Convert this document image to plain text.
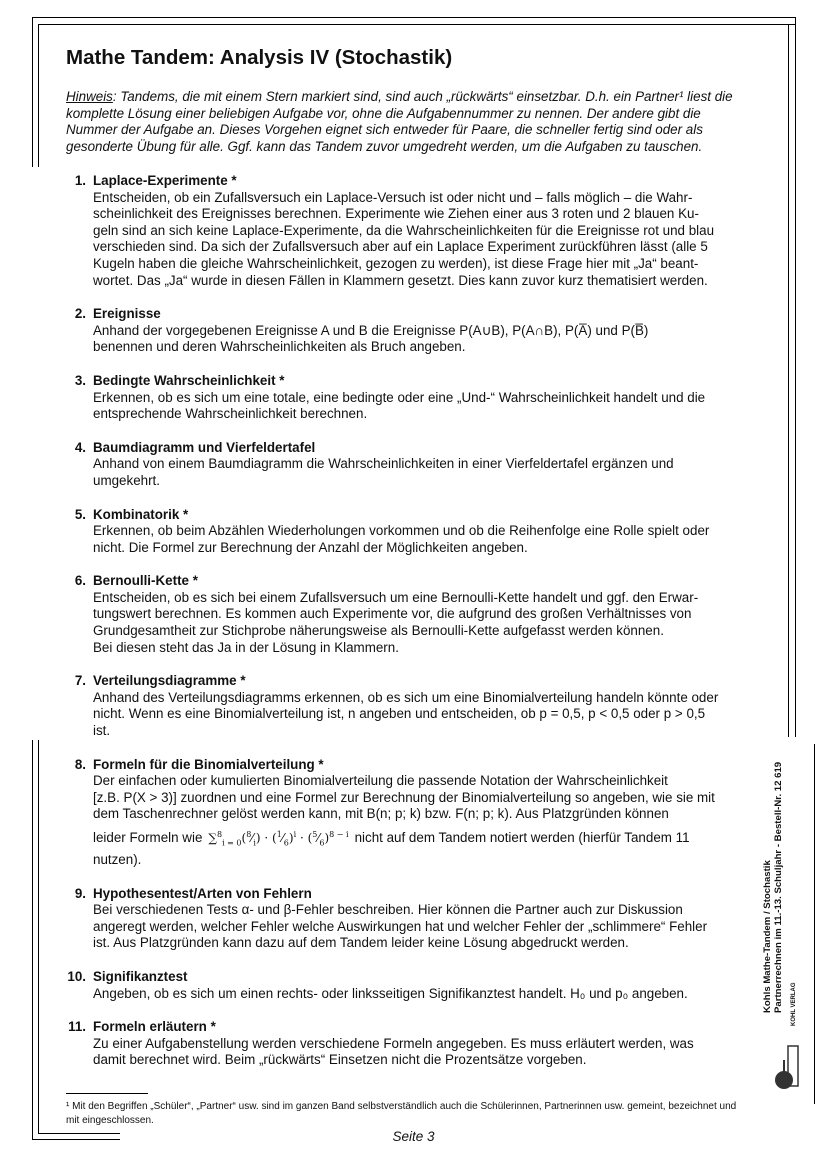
Mathe Tandem: Analysis IV (Stochastik)

Hinweis: Tandems, die mit einem Stern markiert sind, sind auch „rückwärts“ einsetzbar. D.h. ein Partner¹ liest die komplette Lösung einer beliebigen Aufgabe vor, ohne die Aufgabennummer zu nennen. Der andere gibt die Nummer der Aufgabe an. Dieses Vorgehen eignet sich entweder für Paare, die schneller fertig sind oder als gesonderte Übung für alle. Ggf. kann das Tandem zuvor umgedreht werden, um die Aufgaben zu tauschen.

1. Laplace-Experimente *
Entscheiden, ob ein Zufallsversuch ein Laplace-Versuch ist oder nicht und – falls möglich – die Wahr-
scheinlichkeit des Ereignisses berechnen. Experimente wie Ziehen einer aus 3 roten und 2 blauen Ku-
geln sind an sich keine Laplace-Experimente, da die Wahrscheinlichkeiten für die Ereignisse rot und blau
verschieden sind. Da sich der Zufallsversuch aber auf ein Laplace Experiment zurückführen lässt (alle 5
Kugeln haben die gleiche Wahrscheinlichkeit, gezogen zu werden), ist diese Frage hier mit „Ja“ beant-
wortet. Das „Ja“ wurde in diesen Fällen in Klammern gesetzt. Dies kann zuvor kurz thematisiert werden.
2. Ereignisse
Anhand der vorgegebenen Ereignisse A und B die Ereignisse P(A∪B), P(A∩B), P(A̅) und P(B̅)
benennen und deren Wahrscheinlichkeiten als Bruch angeben.
3. Bedingte Wahrscheinlichkeit *
Erkennen, ob es sich um eine totale, eine bedingte oder eine „Und-“ Wahrscheinlichkeit handelt und die
entsprechende Wahrscheinlichkeit berechnen.
4. Baumdiagramm und Vierfeldertafel
Anhand von einem Baumdiagramm die Wahrscheinlichkeiten in einer Vierfeldertafel ergänzen und
umgekehrt.
5. Kombinatorik *
Erkennen, ob beim Abzählen Wiederholungen vorkommen und ob die Reihenfolge eine Rolle spielt oder
nicht. Die Formel zur Berechnung der Anzahl der Möglichkeiten angeben.
6. Bernoulli-Kette *
Entscheiden, ob es sich bei einem Zufallsversuch um eine Bernoulli-Kette handelt und ggf. den Erwar-
tungswert berechnen. Es kommen auch Experimente vor, die aufgrund des großen Verhältnisses von
Grundgesamtheit zur Stichprobe näherungsweise als Bernoulli-Kette aufgefasst werden können.
Bei diesen steht das Ja in der Lösung in Klammern.
7. Verteilungsdiagramme *
Anhand des Verteilungsdiagramms erkennen, ob es sich um eine Binomialverteilung handeln könnte oder
nicht. Wenn es eine Binomialverteilung ist, n angeben und entscheiden, ob p = 0,5, p < 0,5 oder p > 0,5
ist.
8. Formeln für die Binomialverteilung *
Der einfachen oder kumulierten Binomialverteilung die passende Notation der Wahrscheinlichkeit
[z.B. P(X > 3)] zuordnen und eine Formel zur Berechnung der Binomialverteilung so angeben, wie sie mit
dem Taschenrechner gelöst werden kann, mit B(n; p; k) bzw. F(n; p; k). Aus Platzgründen können
leider Formeln wie $\sum^8_{i = 0}(^8⁄_i)$ · $(^1⁄_6)^i$ · $(^5⁄_6)^{8 - i}$ nicht auf dem Tandem notiert werden (hierfür Tandem 11
nutzen).
9. Hypothesentest/Arten von Fehlern
Bei verschiedenen Tests α- und β-Fehler beschreiben. Hier können die Partner auch zur Diskussion
angeregt werden, welcher Fehler welche Auswirkungen hat und welcher Fehler der „schlimmere“ Fehler
ist. Aus Platzgründen kann dazu auf dem Tandem leider keine Lösung abgedruckt werden.
10. Signifikanztest
Angeben, ob es sich um einen rechts- oder linksseitigen Signifikanztest handelt. H₀ und p₀ angeben.
11. Formeln erläutern *
Zu einer Aufgabenstellung werden verschiedene Formeln angegeben. Es muss erläutert werden, was
damit berechnet wird. Beim „rückwärts“ Einsetzen nicht die Prozentsätze vorgeben.
Kohls Mathe-Tandem / Stochastik Partnerrechnen im 11.-13. Schuljahr - Bestell-Nr. 12 619 KOHL VERLAG
¹ Mit den Begriffen „Schüler“, „Partner“ usw. sind im ganzen Band selbstverständlich auch die Schülerinnen, Partnerinnen usw. gemeint, bezeichnet und mit eingeschlossen.
Seite 3
